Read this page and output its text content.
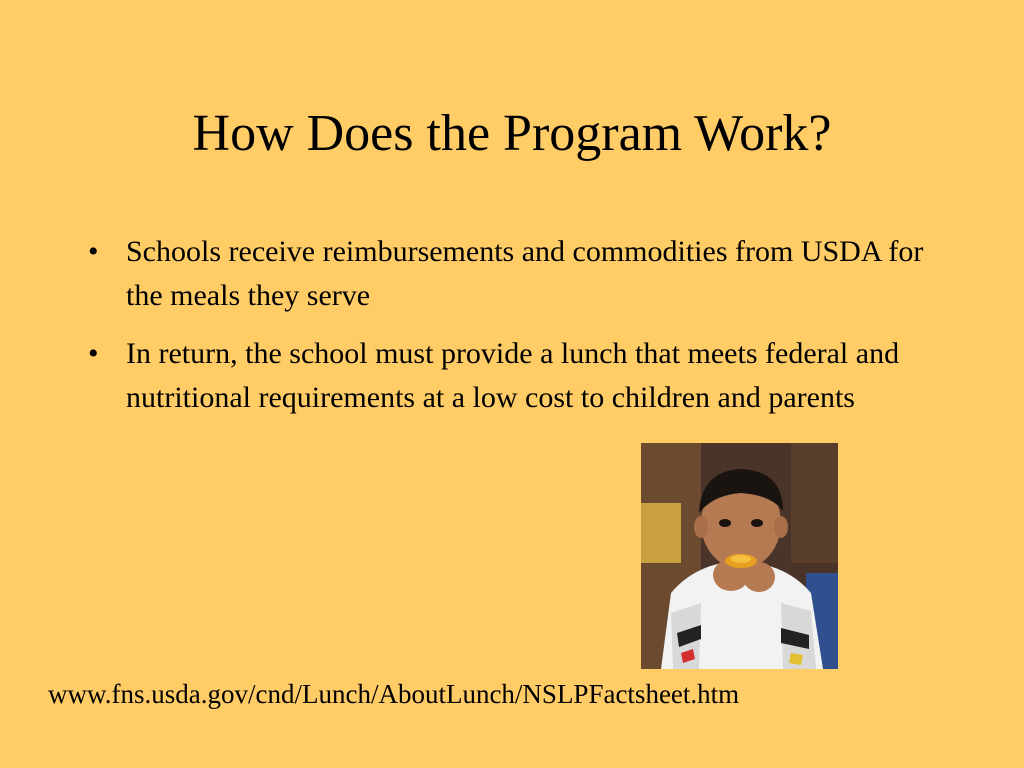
How Does the Program Work?
• Schools receive reimbursements and commodities from USDA for the meals they serve
• In return, the school must provide a lunch that meets federal and nutritional requirements at a low cost to children and parents
www.fns.usda.gov/cnd/Lunch/AboutLunch/NSLPFactsheet.htm
